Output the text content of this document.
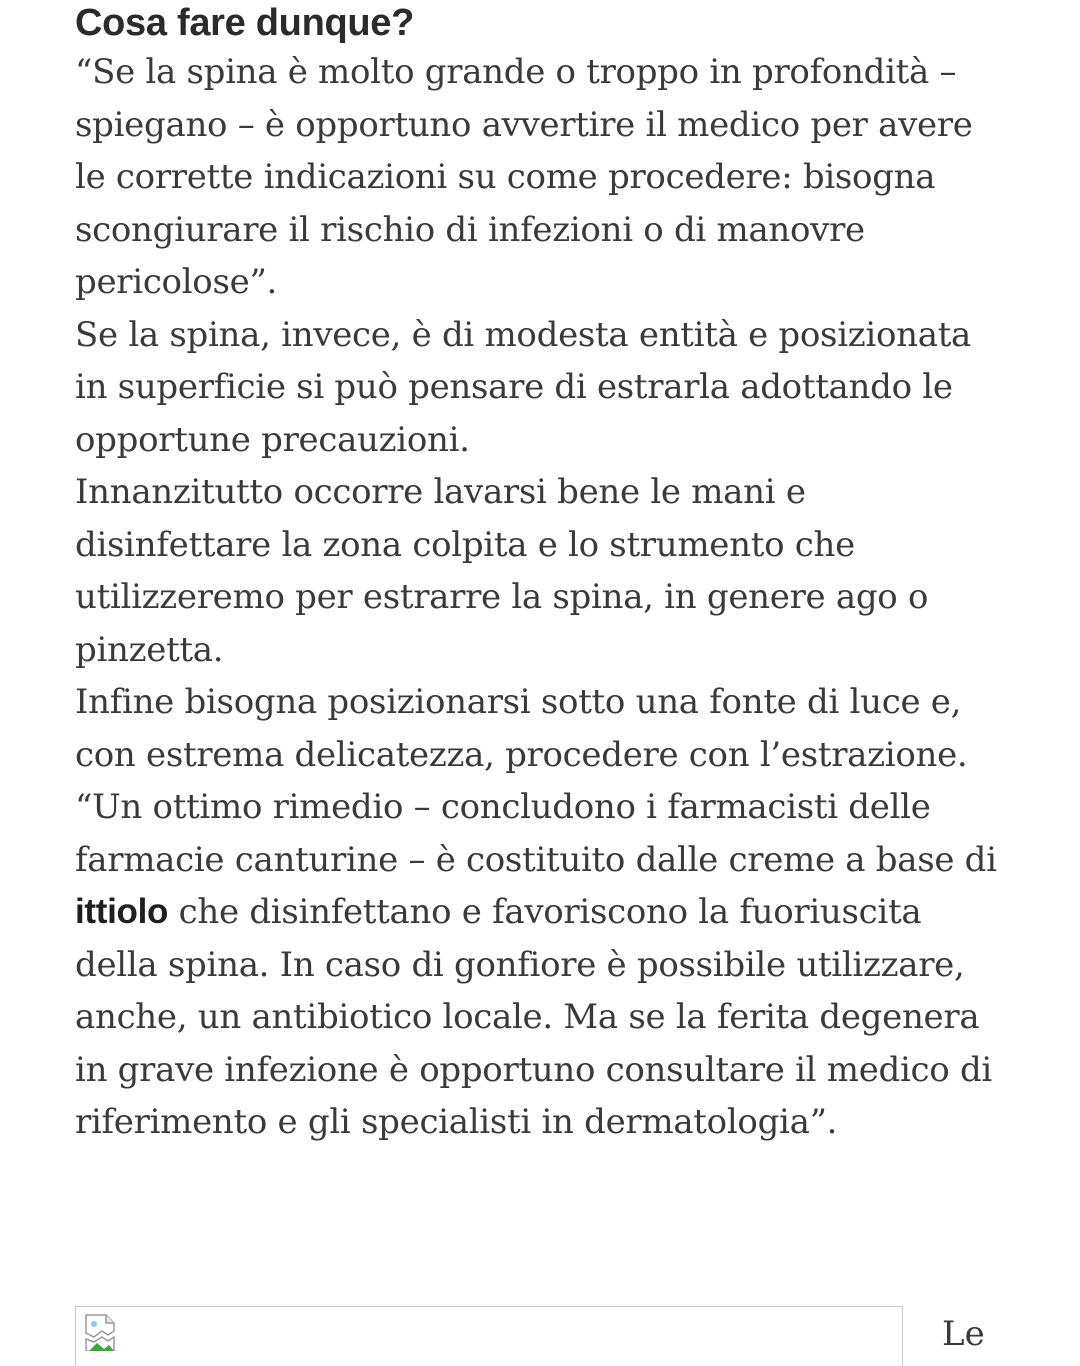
Cosa fare dunque?
“Se la spina è molto grande o troppo in profondità – spiegano – è opportuno avvertire il medico per avere le corrette indicazioni su come procedere: bisogna scongiurare il rischio di infezioni o di manovre pericolose”.
Se la spina, invece, è di modesta entità e posizionata in superficie si può pensare di estrarla adottando le opportune precauzioni.
Innanzitutto occorre lavarsi bene le mani e disinfettare la zona colpita e lo strumento che utilizzeremo per estrarre la spina, in genere ago o pinzetta.
Infine bisogna posizionarsi sotto una fonte di luce e, con estrema delicatezza, procedere con l’estrazione.
“Un ottimo rimedio – concludono i farmacisti delle farmacie canturine – è costituito dalle creme a base di ittiolo che disinfettano e favoriscono la fuoriuscita della spina. In caso di gonfiore è possibile utilizzare, anche, un antibiotico locale. Ma se la ferita degenera in grave infezione è opportuno consultare il medico di riferimento e gli specialisti in dermatologia”.
Le
